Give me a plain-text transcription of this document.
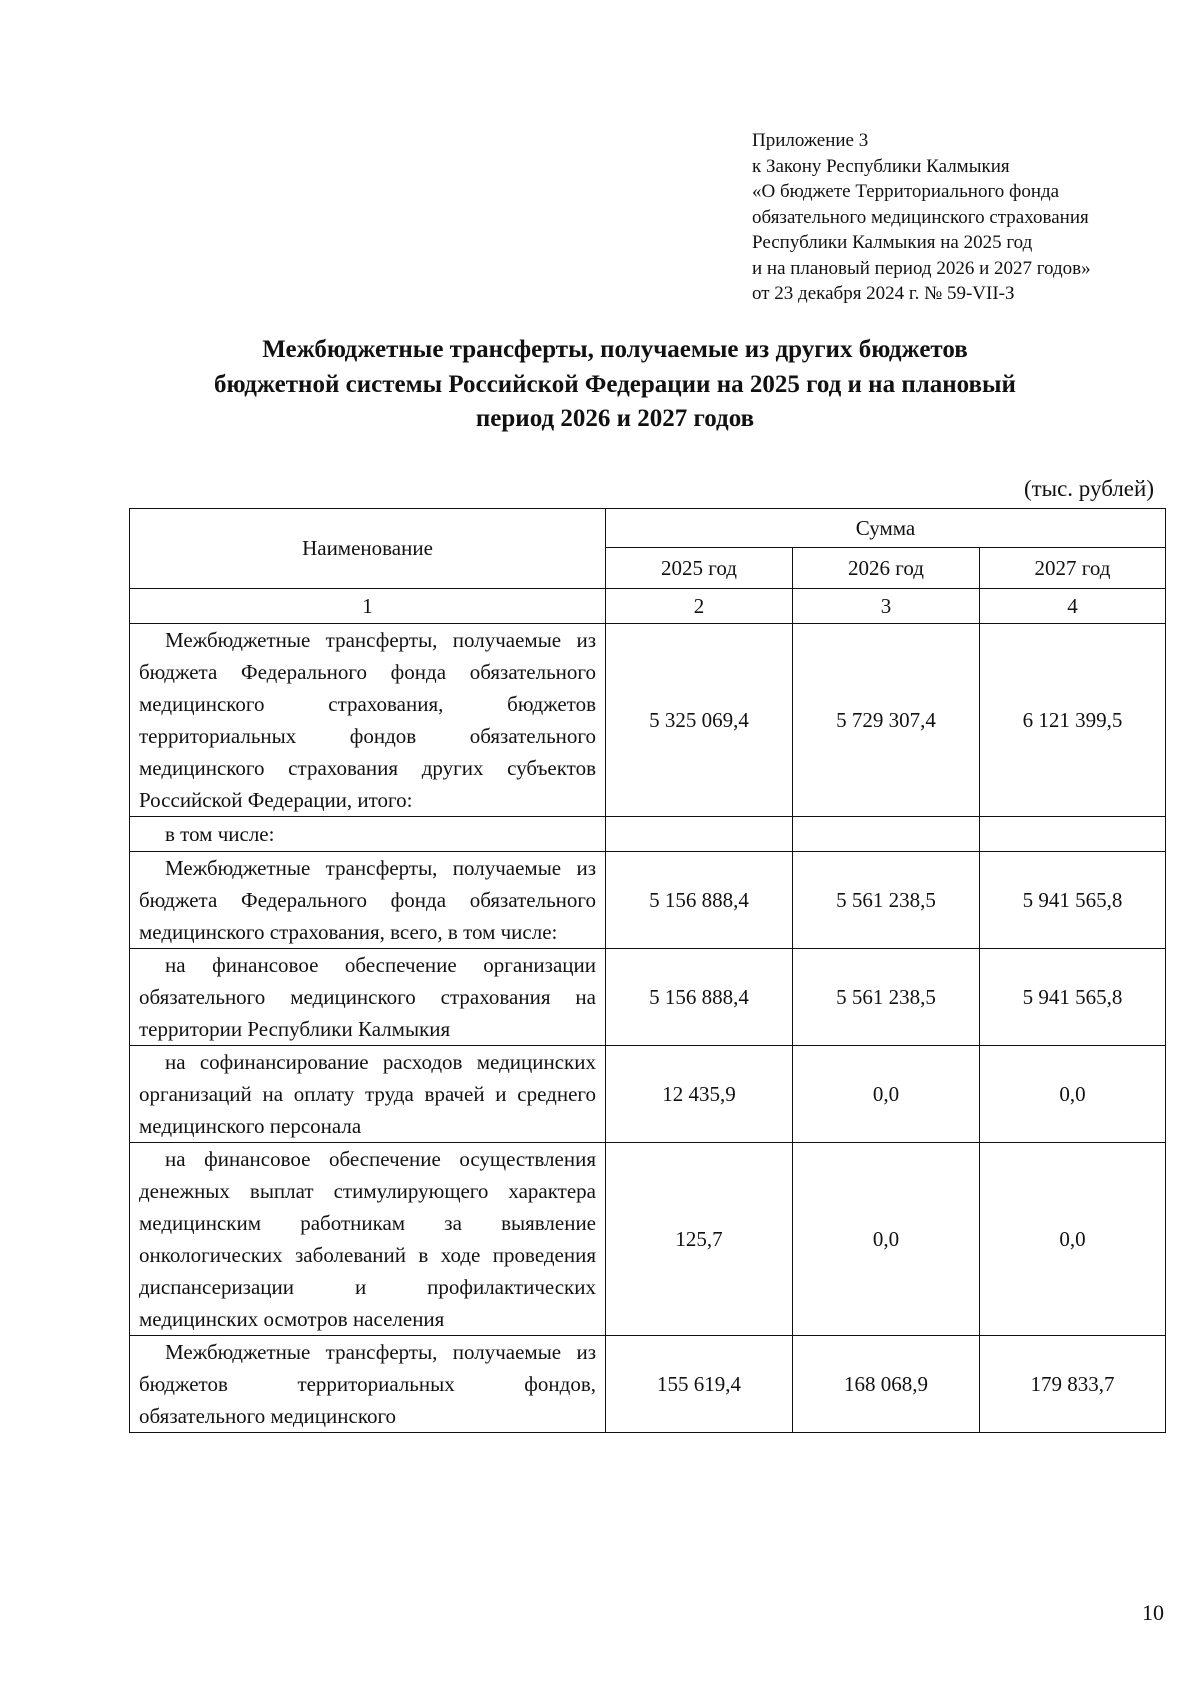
Приложение 3
к Закону Республики Калмыкия
«О бюджете Территориального фонда
обязательного медицинского страхования
Республики Калмыкия на 2025 год
и на плановый период 2026 и 2027 годов»
от 23 декабря 2024 г. № 59-VII-З
Межбюджетные трансферты, получаемые из других бюджетов
бюджетной системы Российской Федерации на 2025 год и на плановый
период 2026 и 2027 годов
(тыс. рублей)
Наименование	Сумма		
	2025 год	2026 год	2027 год
1	2	3	4
Межбюджетные трансферты, получаемые из бюджета Федерального фонда обязательного медицинского страхования, бюджетов территориальных фондов обязательного медицинского страхования других субъектов Российской Федерации, итого:	5 325 069,4	5 729 307,4	6 121 399,5
в том числе:			
Межбюджетные трансферты, получаемые из бюджета Федерального фонда обязательного медицинского страхования, всего, в том числе:	5 156 888,4	5 561 238,5	5 941 565,8
на финансовое обеспечение организации обязательного медицинского страхования на территории Республики Калмыкия	5 156 888,4	5 561 238,5	5 941 565,8
на софинансирование расходов медицинских организаций на оплату труда врачей и среднего медицинского персонала	12 435,9	0,0	0,0
на финансовое обеспечение осуществления денежных выплат стимулирующего характера медицинским работникам за выявление онкологических заболеваний в ходе проведения диспансеризации и профилактических медицинских осмотров населения	125,7	0,0	0,0
Межбюджетные трансферты, получаемые из бюджетов территориальных фондов, обязательного медицинского	155 619,4	168 068,9	179 833,7
10
